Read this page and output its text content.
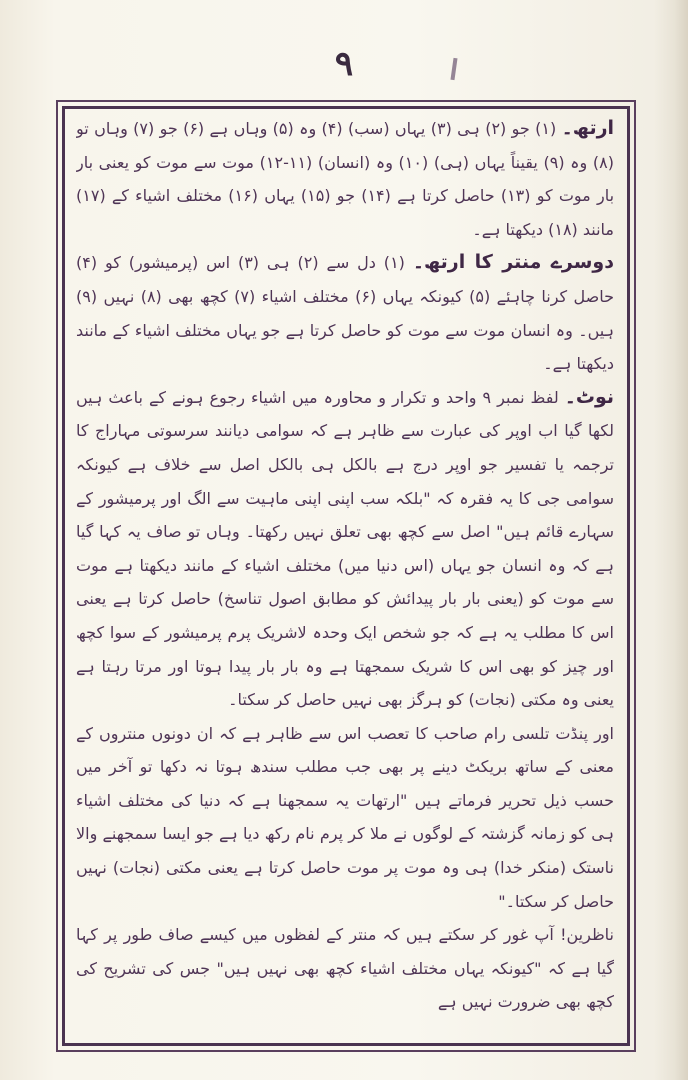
۹

ارتھ۔ (۱) جو (۲) ہی (۳) یہاں (سب) (۴) وہ (۵) وہاں ہے (۶) جو (۷) وہاں تو (۸) وہ (۹) یقیناً یہاں (ہی) (۱۰) وہ (انسان) (۱۱-۱۲) موت سے موت کو یعنی بار بار موت کو (۱۳) حاصل کرتا ہے (۱۴) جو (۱۵) یہاں (۱۶) مختلف اشیاء کے (۱۷) مانند (۱۸) دیکھتا ہے۔

دوسرے منتر کا ارتھ۔ (۱) دل سے (۲) ہی (۳) اس (پرمیشور) کو (۴) حاصل کرنا چاہئے (۵) کیونکہ یہاں (۶) مختلف اشیاء (۷) کچھ بھی (۸) نہیں (۹) ہیں۔ وہ انسان موت سے موت کو حاصل کرتا ہے جو یہاں مختلف اشیاء کے مانند دیکھتا ہے۔

نوٹ۔ لفظ نمبر ۹ واحد و تکرار و محاورہ میں اشیاء رجوع ہونے کے باعث ہیں لکھا گیا اب اوپر کی عبارت سے ظاہر ہے کہ سوامی دیانند سرسوتی مہاراج کا ترجمہ یا تفسیر جو اوپر درج ہے بالکل ہی بالکل اصل سے خلاف ہے کیونکہ سوامی جی کا یہ فقرہ کہ "بلکہ سب اپنی اپنی ماہیت سے الگ اور پرمیشور کے سہارے قائم ہیں" اصل سے کچھ بھی تعلق نہیں رکھتا۔ وہاں تو صاف یہ کہا گیا ہے کہ وہ انسان جو یہاں (اس دنیا میں) مختلف اشیاء کے مانند دیکھتا ہے موت سے موت کو (یعنی بار بار پیدائش کو مطابق اصول تناسخ) حاصل کرتا ہے یعنی اس کا مطلب یہ ہے کہ جو شخص ایک وحدہ لاشریک پرم پرمیشور کے سوا کچھ اور چیز کو بھی اس کا شریک سمجھتا ہے وہ بار بار پیدا ہوتا اور مرتا رہتا ہے یعنی وہ مکتی (نجات) کو ہرگز بھی نہیں حاصل کر سکتا۔

اور پنڈت تلسی رام صاحب کا تعصب اس سے ظاہر ہے کہ ان دونوں منتروں کے معنی کے ساتھ بریکٹ دینے پر بھی جب مطلب سندھ ہوتا نہ دکھا تو آخر میں حسب ذیل تحریر فرماتے ہیں "ارتھات یہ سمجھنا ہے کہ دنیا کی مختلف اشیاء ہی کو زمانہ گزشتہ کے لوگوں نے ملا کر پرم نام رکھ دیا ہے جو ایسا سمجھنے والا ناستک (منکر خدا) ہی وہ موت پر موت حاصل کرتا ہے یعنی مکتی (نجات) نہیں حاصل کر سکتا۔"

ناظرین! آپ غور کر سکتے ہیں کہ منتر کے لفظوں میں کیسے صاف طور پر کہا گیا ہے کہ "کیونکہ یہاں مختلف اشیاء کچھ بھی نہیں ہیں" جس کی تشریح کی کچھ بھی ضرورت نہیں ہے
